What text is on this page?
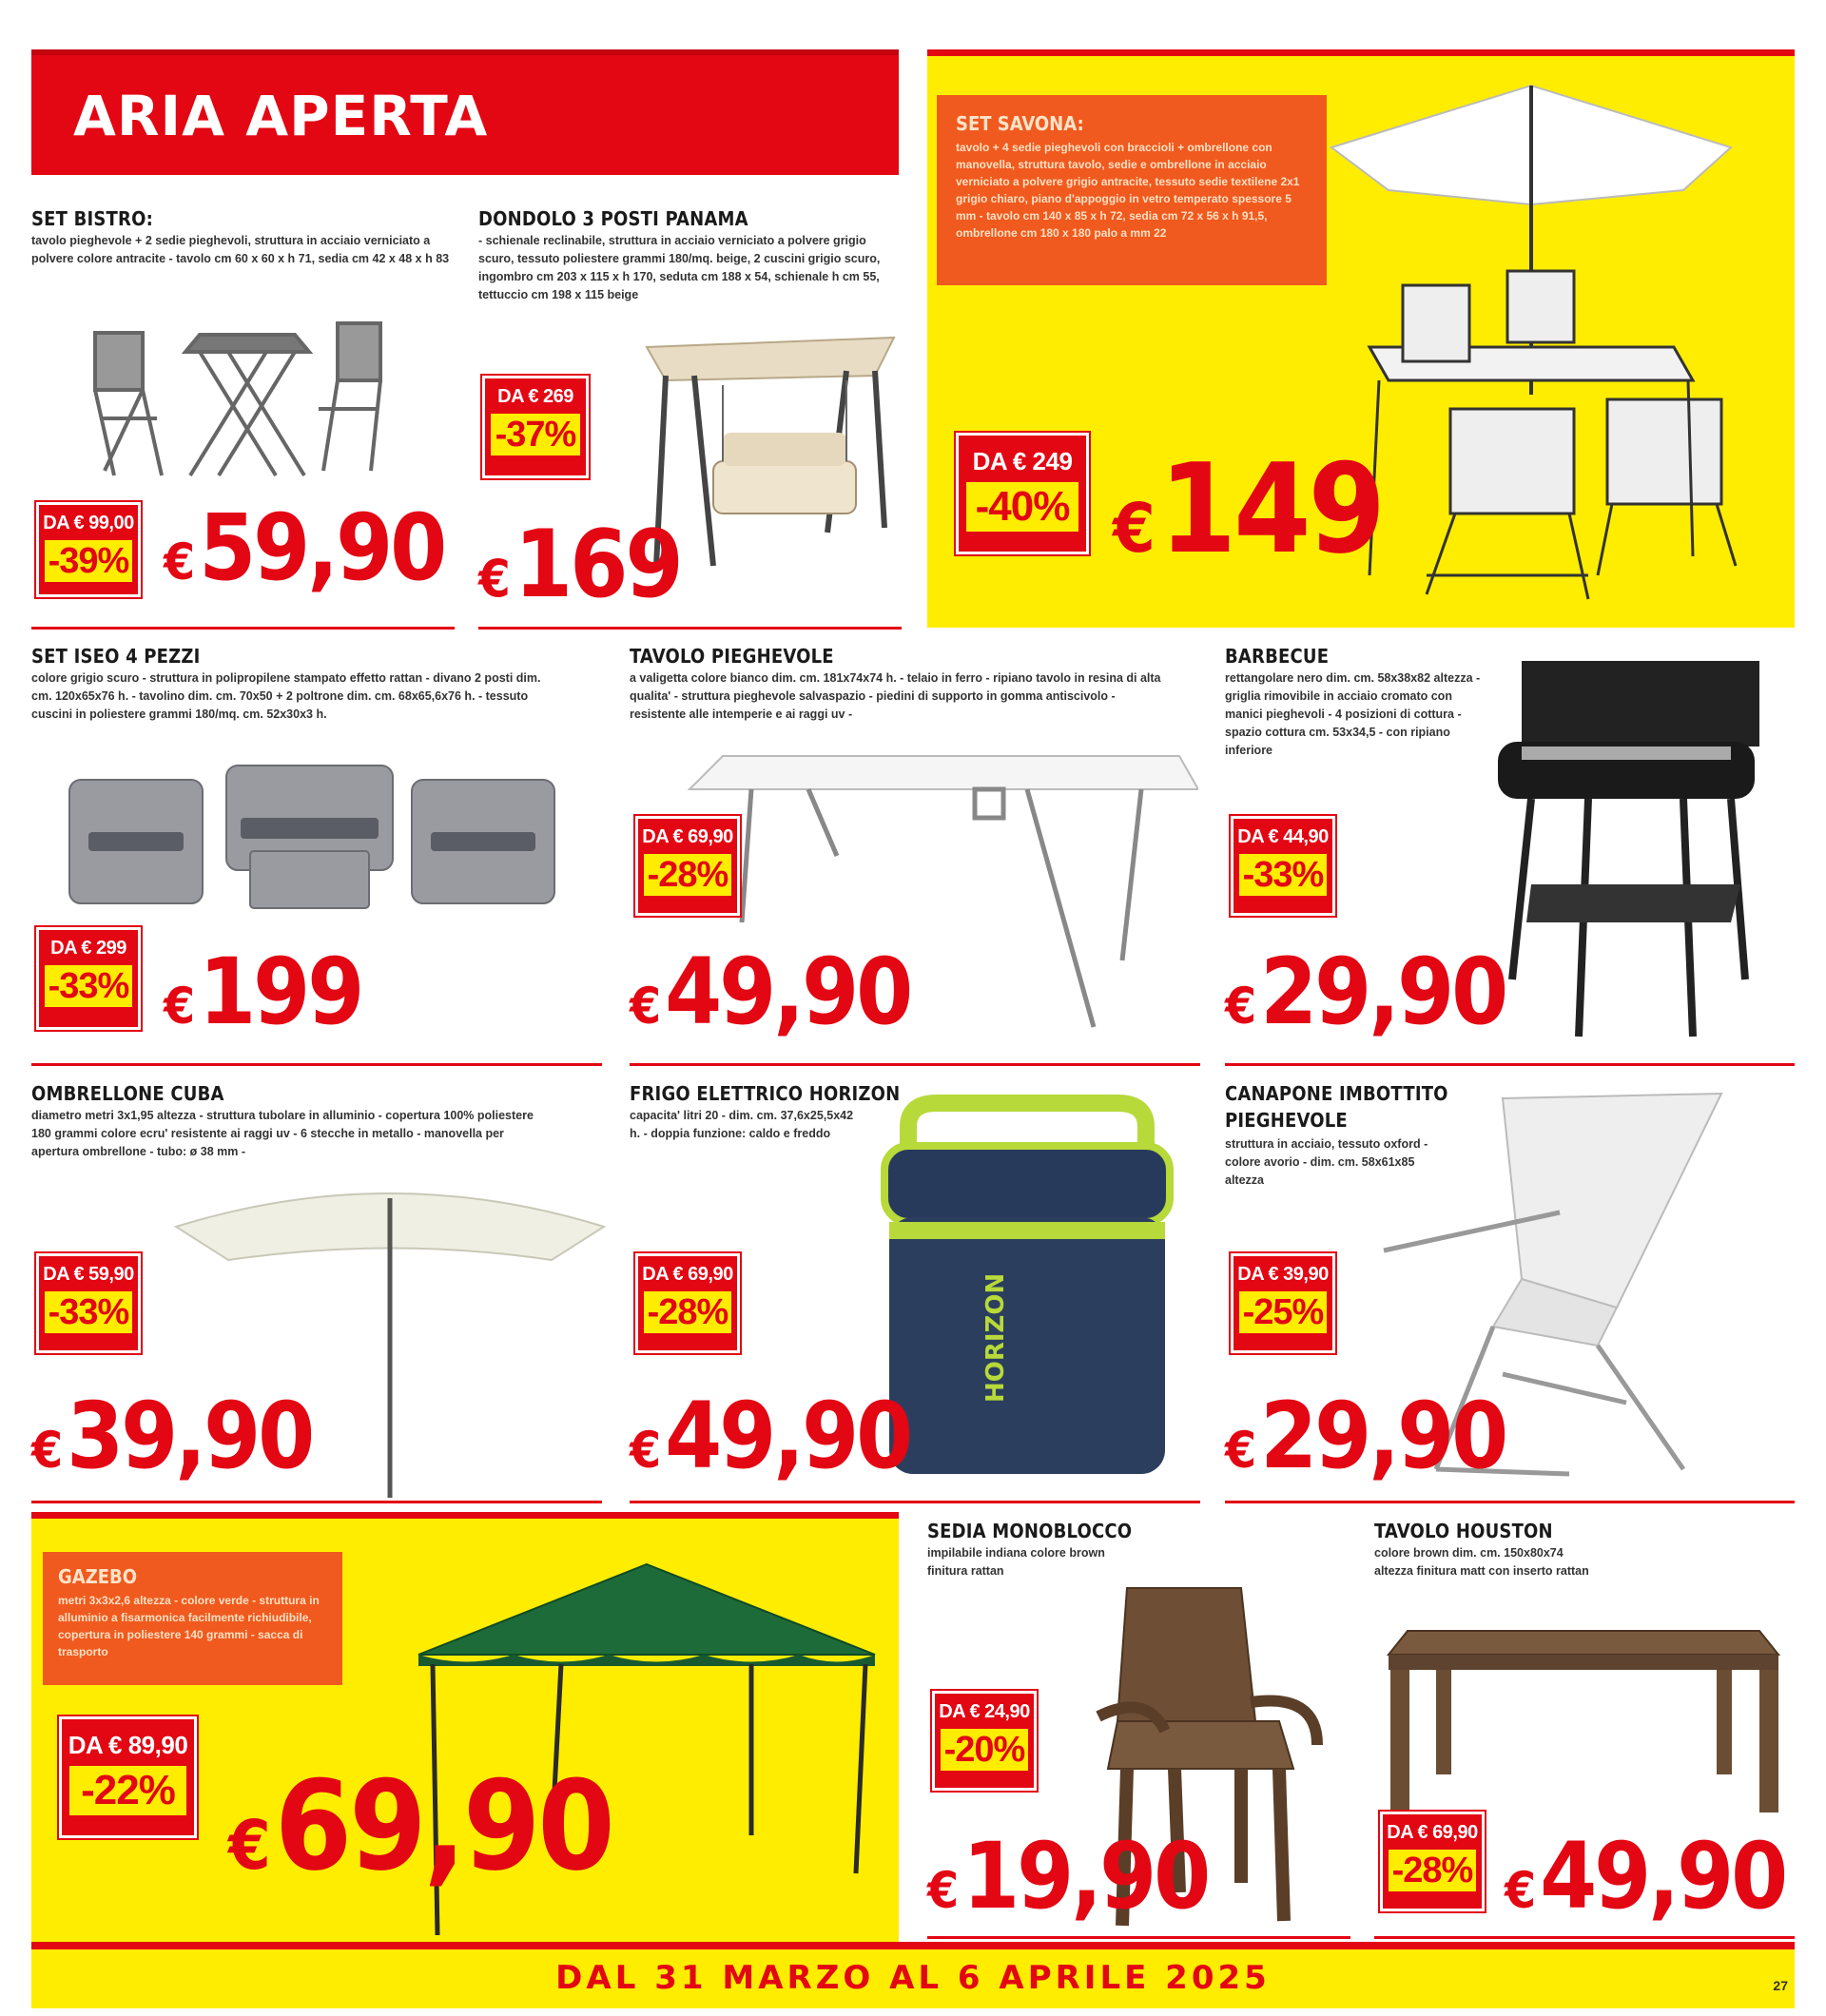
ARIA APERTA
SET BISTRO:
tavolo pieghevole + 2 sedie pieghevoli, struttura in acciaio verniciato a polvere colore antracite - tavolo cm 60 x 60 x h 71, sedia cm 42 x 48 x h 83
DA € 99,00
-39% €59,90
DONDOLO 3 POSTI PANAMA
- schienale reclinabile, struttura in acciaio verniciato a polvere grigio scuro, tessuto poliestere grammi 180/mq. beige, 2 cuscini grigio scuro, ingombro cm 203 x 115 x h 170, seduta cm 188 x 54, schienale h cm 55, tettuccio cm 198 x 115 beige
DA € 269
-37%
€169
SET SAVONA:
tavolo + 4 sedie pieghevoli con braccioli + ombrellone con manovella, struttura tavolo, sedie e ombrellone in acciaio verniciato a polvere grigio antracite, tessuto sedie textilene 2x1 grigio chiaro, piano d'appoggio in vetro temperato spessore 5 mm - tavolo cm 140 x 85 x h 72, sedia cm 72 x 56 x h 91,5, ombrellone cm 180 x 180 palo a mm 22
DA € 249
-40% €149
SET ISEO 4 PEZZI
colore grigio scuro - struttura in polipropilene stampato effetto rattan - divano 2 posti dim. cm. 120x65x76 h. - tavolino dim. cm. 70x50 + 2 poltrone dim. cm. 68x65,6x76 h. - tessuto cuscini in poliestere grammi 180/mq. cm. 52x30x3 h.
DA € 299
-33% €199
TAVOLO PIEGHEVOLE
a valigetta colore bianco dim. cm. 181x74x74 h. - telaio in ferro - ripiano tavolo in resina di alta qualita' - struttura pieghevole salvaspazio - piedini di supporto in gomma antiscivolo - resistente alle intemperie e ai raggi uv -
DA € 69,90
-28%
€49,90
BARBECUE
rettangolare nero dim. cm. 58x38x82 altezza - griglia rimovibile in acciaio cromato con manici pieghevoli - 4 posizioni di cottura - spazio cottura cm. 53x34,5 - con ripiano inferiore
DA € 44,90
-33%
€29,90
OMBRELLONE CUBA
diametro metri 3x1,95 altezza - struttura tubolare in alluminio - copertura 100% poliestere 180 grammi colore ecru' resistente ai raggi uv - 6 stecche in metallo - manovella per apertura ombrellone - tubo: ø 38 mm -
DA € 59,90
-33%
€39,90
FRIGO ELETTRICO HORIZON
capacita' litri 20 - dim. cm. 37,6x25,5x42 h. - doppia funzione: caldo e freddo
HORIZON
DA € 69,90
-28%
€49,90
CANAPONE IMBOTTITO
PIEGHEVOLE
struttura in acciaio, tessuto oxford - colore avorio - dim. cm. 58x61x85 altezza
DA € 39,90
-25%
€29,90
GAZEBO
metri 3x3x2,6 altezza - colore verde - struttura in alluminio a fisarmonica facilmente richiudibile, copertura in poliestere 140 grammi - sacca di trasporto
DA € 89,90
-22%
€69,90
SEDIA MONOBLOCCO
impilabile indiana colore brown finitura rattan
DA € 24,90
-20%
€19,90
TAVOLO HOUSTON
colore brown dim. cm. 150x80x74 altezza finitura matt con inserto rattan
DA € 69,90
-28% €49,90
DAL 31 MARZO AL 6 APRILE 2025	27
